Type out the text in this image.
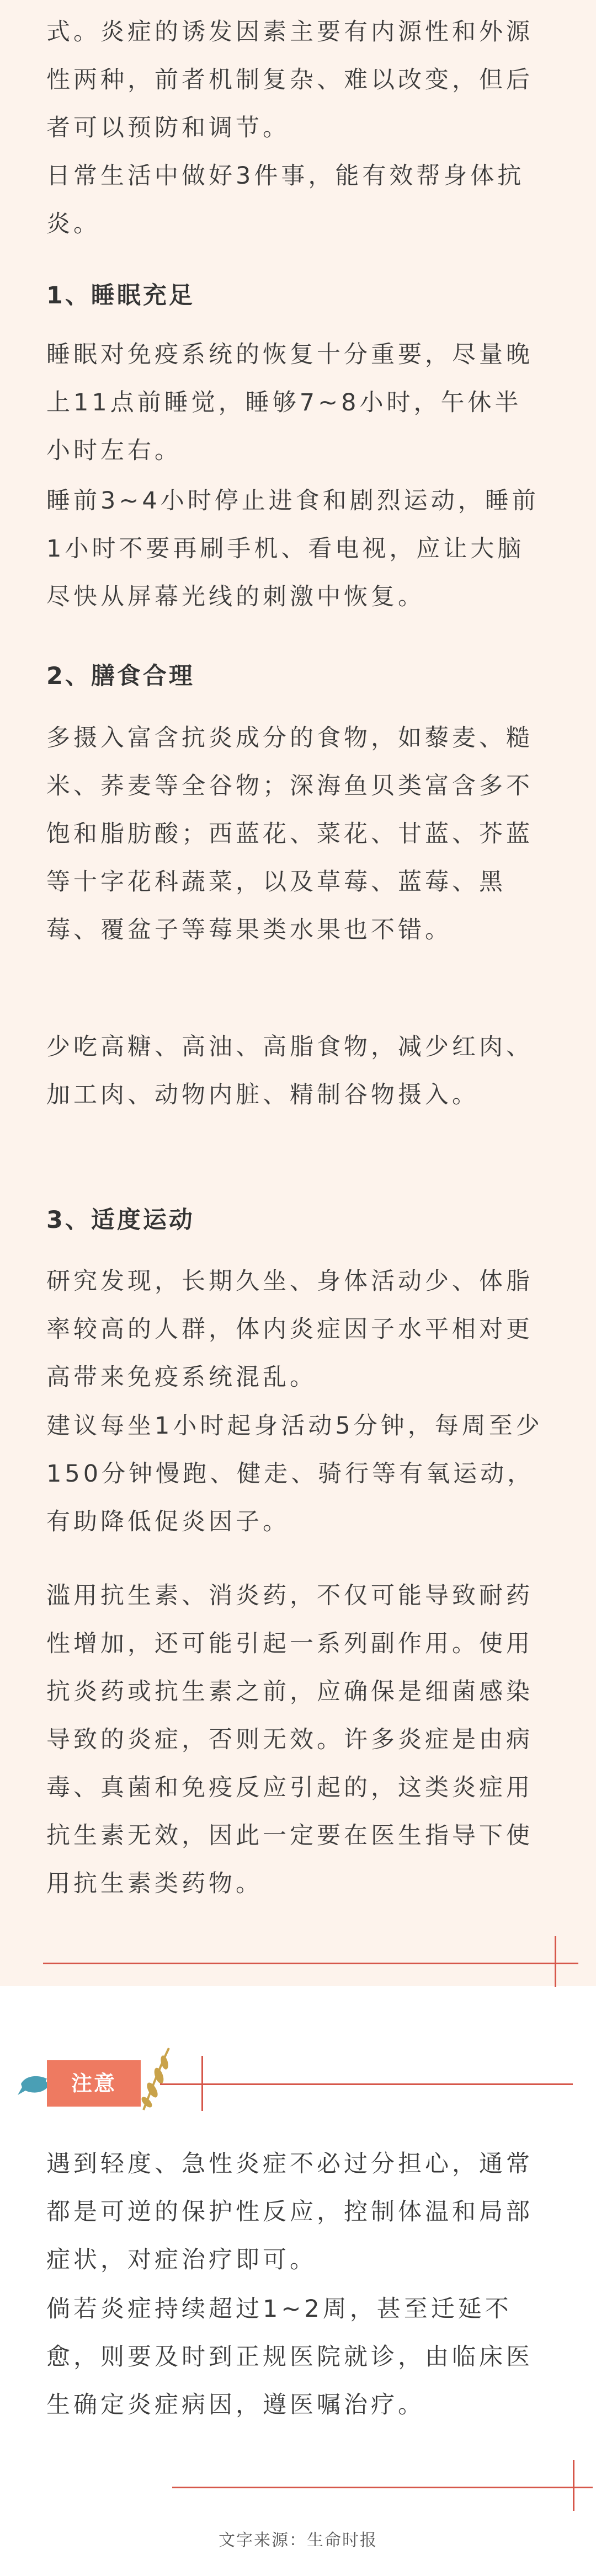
式。炎症的诱发因素主要有内源性和外源性两种，前者机制复杂、难以改变，但后者可以预防和调节。

日常生活中做好3件事，能有效帮身体抗炎。

1、睡眠充足

睡眠对免疫系统的恢复十分重要，尽量晚上11点前睡觉，睡够7~8小时，午休半小时左右。

睡前3~4小时停止进食和剧烈运动，睡前1小时不要再刷手机、看电视，应让大脑尽快从屏幕光线的刺激中恢复。

2、膳食合理

多摄入富含抗炎成分的食物，如藜麦、糙米、荞麦等全谷物；深海鱼贝类富含多不饱和脂肪酸；西蓝花、菜花、甘蓝、芥蓝等十字花科蔬菜，以及草莓、蓝莓、黑莓、覆盆子等莓果类水果也不错。

少吃高糖、高油、高脂食物，减少红肉、加工肉、动物内脏、精制谷物摄入。

3、适度运动

研究发现，长期久坐、身体活动少、体脂率较高的人群，体内炎症因子水平相对更高带来免疫系统混乱。

建议每坐1小时起身活动5分钟，每周至少150分钟慢跑、健走、骑行等有氧运动，有助降低促炎因子。

滥用抗生素、消炎药，不仅可能导致耐药性增加，还可能引起一系列副作用。使用抗炎药或抗生素之前，应确保是细菌感染导致的炎症，否则无效。许多炎症是由病毒、真菌和免疫反应引起的，这类炎症用抗生素无效，因此一定要在医生指导下使用抗生素类药物。

注意

遇到轻度、急性炎症不必过分担心，通常都是可逆的保护性反应，控制体温和局部症状，对症治疗即可。

倘若炎症持续超过1~2周，甚至迁延不愈，则要及时到正规医院就诊，由临床医生确定炎症病因，遵医嘱治疗。

文字来源：生命时报
